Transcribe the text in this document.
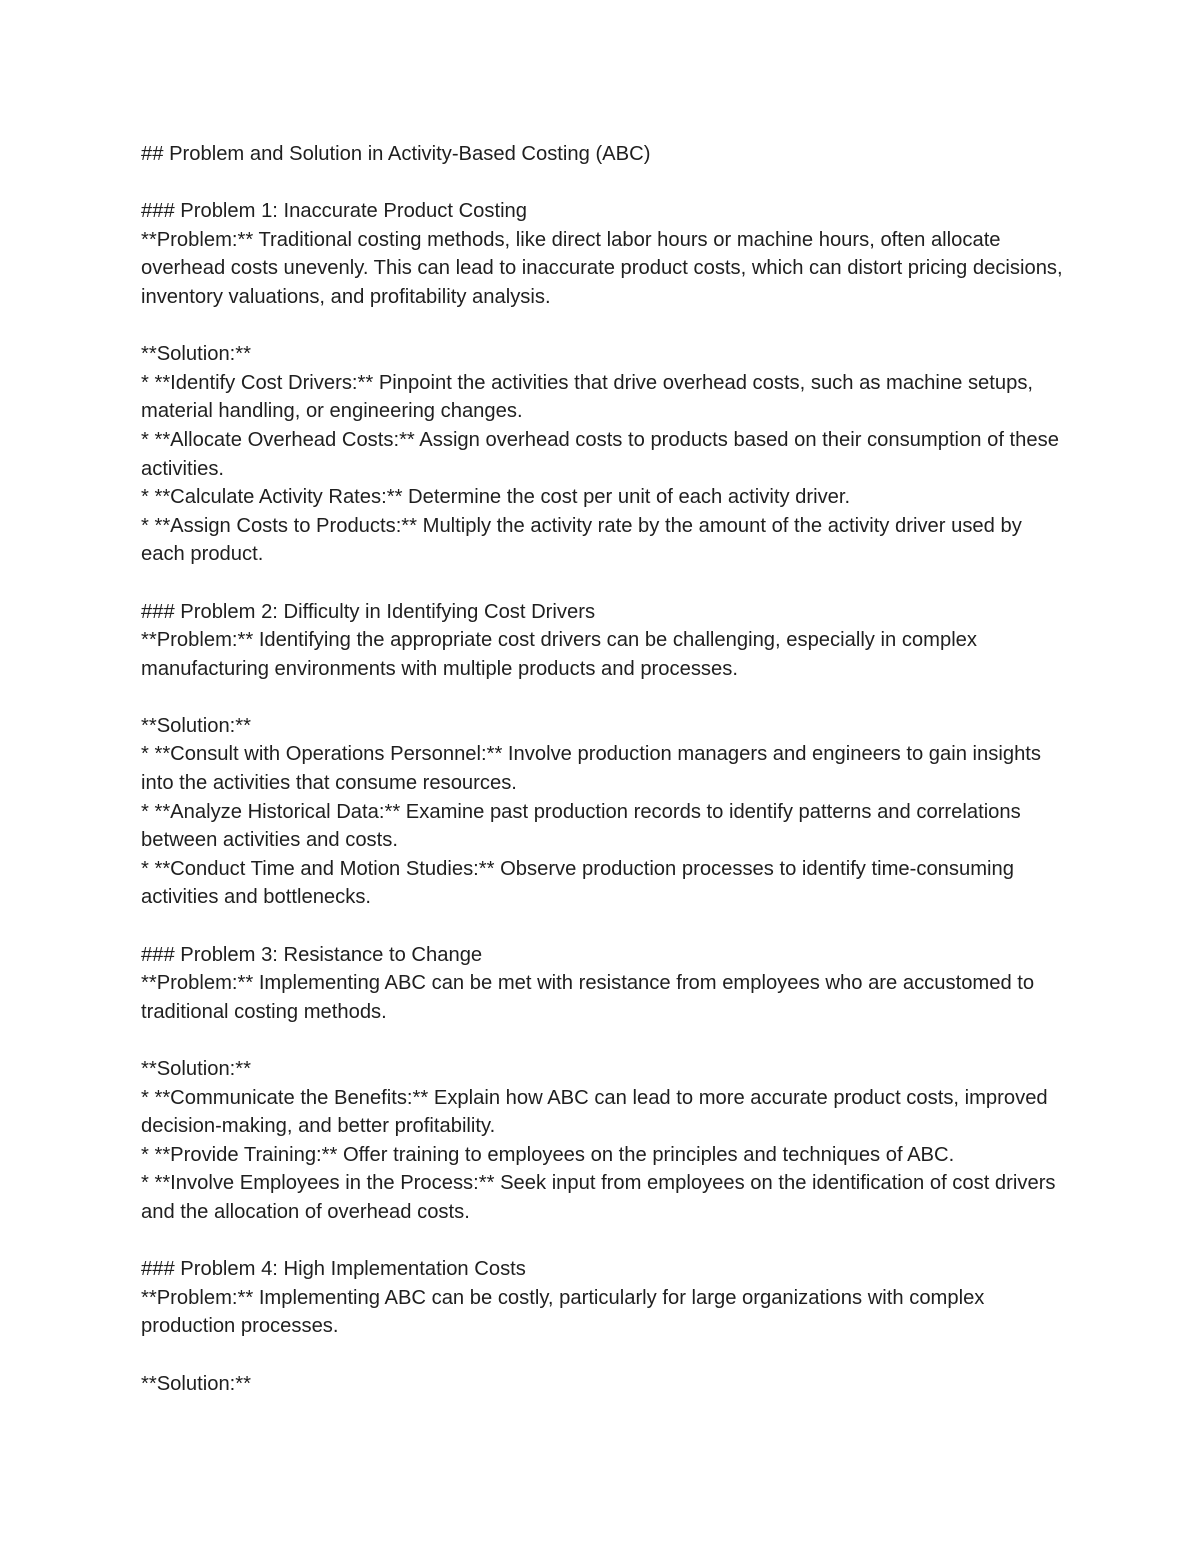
## Problem and Solution in Activity-Based Costing (ABC)

### Problem 1: Inaccurate Product Costing

**Problem:** Traditional costing methods, like direct labor hours or machine hours, often allocate overhead costs unevenly. This can lead to inaccurate product costs, which can distort pricing decisions, inventory valuations, and profitability analysis.

**Solution:**

* **Identify Cost Drivers:** Pinpoint the activities that drive overhead costs, such as machine setups, material handling, or engineering changes.

* **Allocate Overhead Costs:** Assign overhead costs to products based on their consumption of these activities.

* **Calculate Activity Rates:** Determine the cost per unit of each activity driver.

* **Assign Costs to Products:** Multiply the activity rate by the amount of the activity driver used by each product.

### Problem 2: Difficulty in Identifying Cost Drivers

**Problem:** Identifying the appropriate cost drivers can be challenging, especially in complex manufacturing environments with multiple products and processes.

**Solution:**

* **Consult with Operations Personnel:** Involve production managers and engineers to gain insights into the activities that consume resources.

* **Analyze Historical Data:** Examine past production records to identify patterns and correlations between activities and costs.

* **Conduct Time and Motion Studies:** Observe production processes to identify time-consuming activities and bottlenecks.

### Problem 3: Resistance to Change

**Problem:** Implementing ABC can be met with resistance from employees who are accustomed to traditional costing methods.

**Solution:**

* **Communicate the Benefits:** Explain how ABC can lead to more accurate product costs, improved decision-making, and better profitability.

* **Provide Training:** Offer training to employees on the principles and techniques of ABC.

* **Involve Employees in the Process:** Seek input from employees on the identification of cost drivers and the allocation of overhead costs.

### Problem 4: High Implementation Costs

**Problem:** Implementing ABC can be costly, particularly for large organizations with complex production processes.

**Solution:**
